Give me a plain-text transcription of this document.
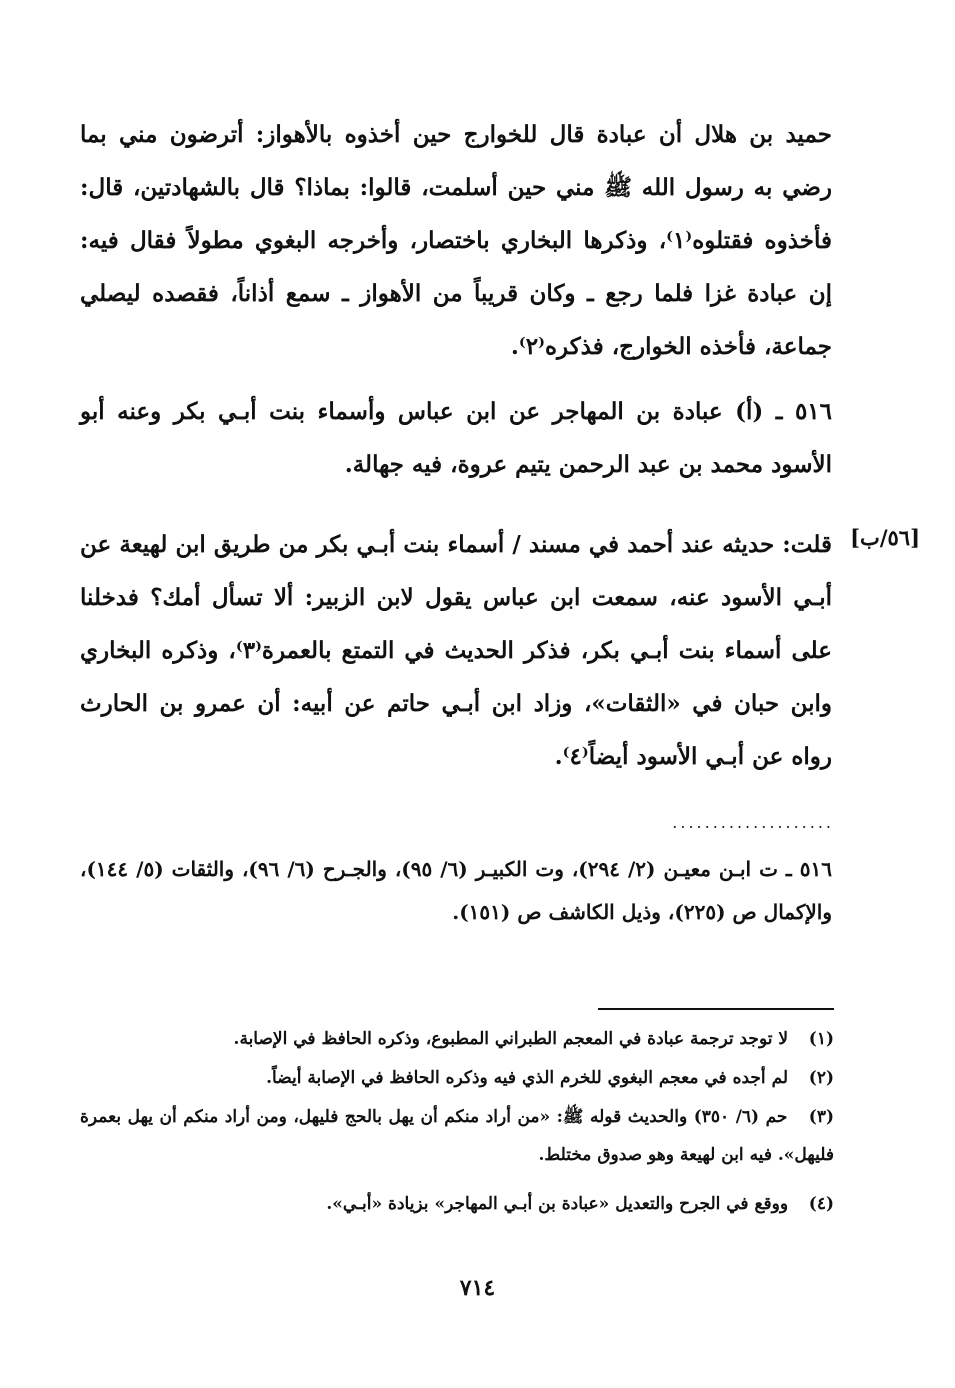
حميد بن هلال أن عبادة قال للخوارج حين أخذوه بالأهواز: أترضون مني بما رضي به رسول الله ﷺ مني حين أسلمت، قالوا: بماذا؟ قال بالشهادتين، قال: فأخذوه فقتلوه⁽١⁾، وذكرها البخاري باختصار، وأخرجه البغوي مطولاً فقال فيه: إن عبادة غزا فلما رجع ـ وكان قريباً من الأهواز ـ سمع أذاناً، فقصده ليصلي جماعة، فأخذه الخوارج، فذكره⁽٢⁾.
٥١٦ ـ (أ) عبادة بن المهاجر عن ابن عباس وأسماء بنت أبـي بكر وعنه أبو الأسود محمد بن عبد الرحمن يتيم عروة، فيه جهالة.
[٥٦/ب]
قلت: حديثه عند أحمد في مسند / أسماء بنت أبـي بكر من طريق ابن لهيعة عن أبـي الأسود عنه، سمعت ابن عباس يقول لابن الزبير: ألا تسأل أمك؟ فدخلنا على أسماء بنت أبـي بكر، فذكر الحديث في التمتع بالعمرة⁽٣⁾، وذكره البخاري وابن حبان في «الثقات»، وزاد ابن أبـي حاتم عن أبيه: أن عمرو بن الحارث رواه عن أبـي الأسود أيضاً⁽٤⁾.
....................
٥١٦ ـ ت ابـن معيـن (٢/ ٢٩٤)، وت الكبيـر (٦/ ٩٥)، والجـرح (٦/ ٩٦)، والثقات (٥/ ١٤٤)، والإكمال ص (٢٢٥)، وذيل الكاشف ص (١٥١).
(١) لا توجد ترجمة عبادة في المعجم الطبراني المطبوع، وذكره الحافظ في الإصابة.
(٢) لم أجده في معجم البغوي للخرم الذي فيه وذكره الحافظ في الإصابة أيضاً.
(٣) حم (٦/ ٣٥٠) والحديث قوله ﷺ: «من أراد منكم أن يهل بالحج فليهل، ومن أراد منكم أن يهل بعمرة فليهل». فيه ابن لهيعة وهو صدوق مختلط.
(٤) ووقع في الجرح والتعديل «عبادة بن أبـي المهاجر» بزيادة «أبـي».
٧١٤
